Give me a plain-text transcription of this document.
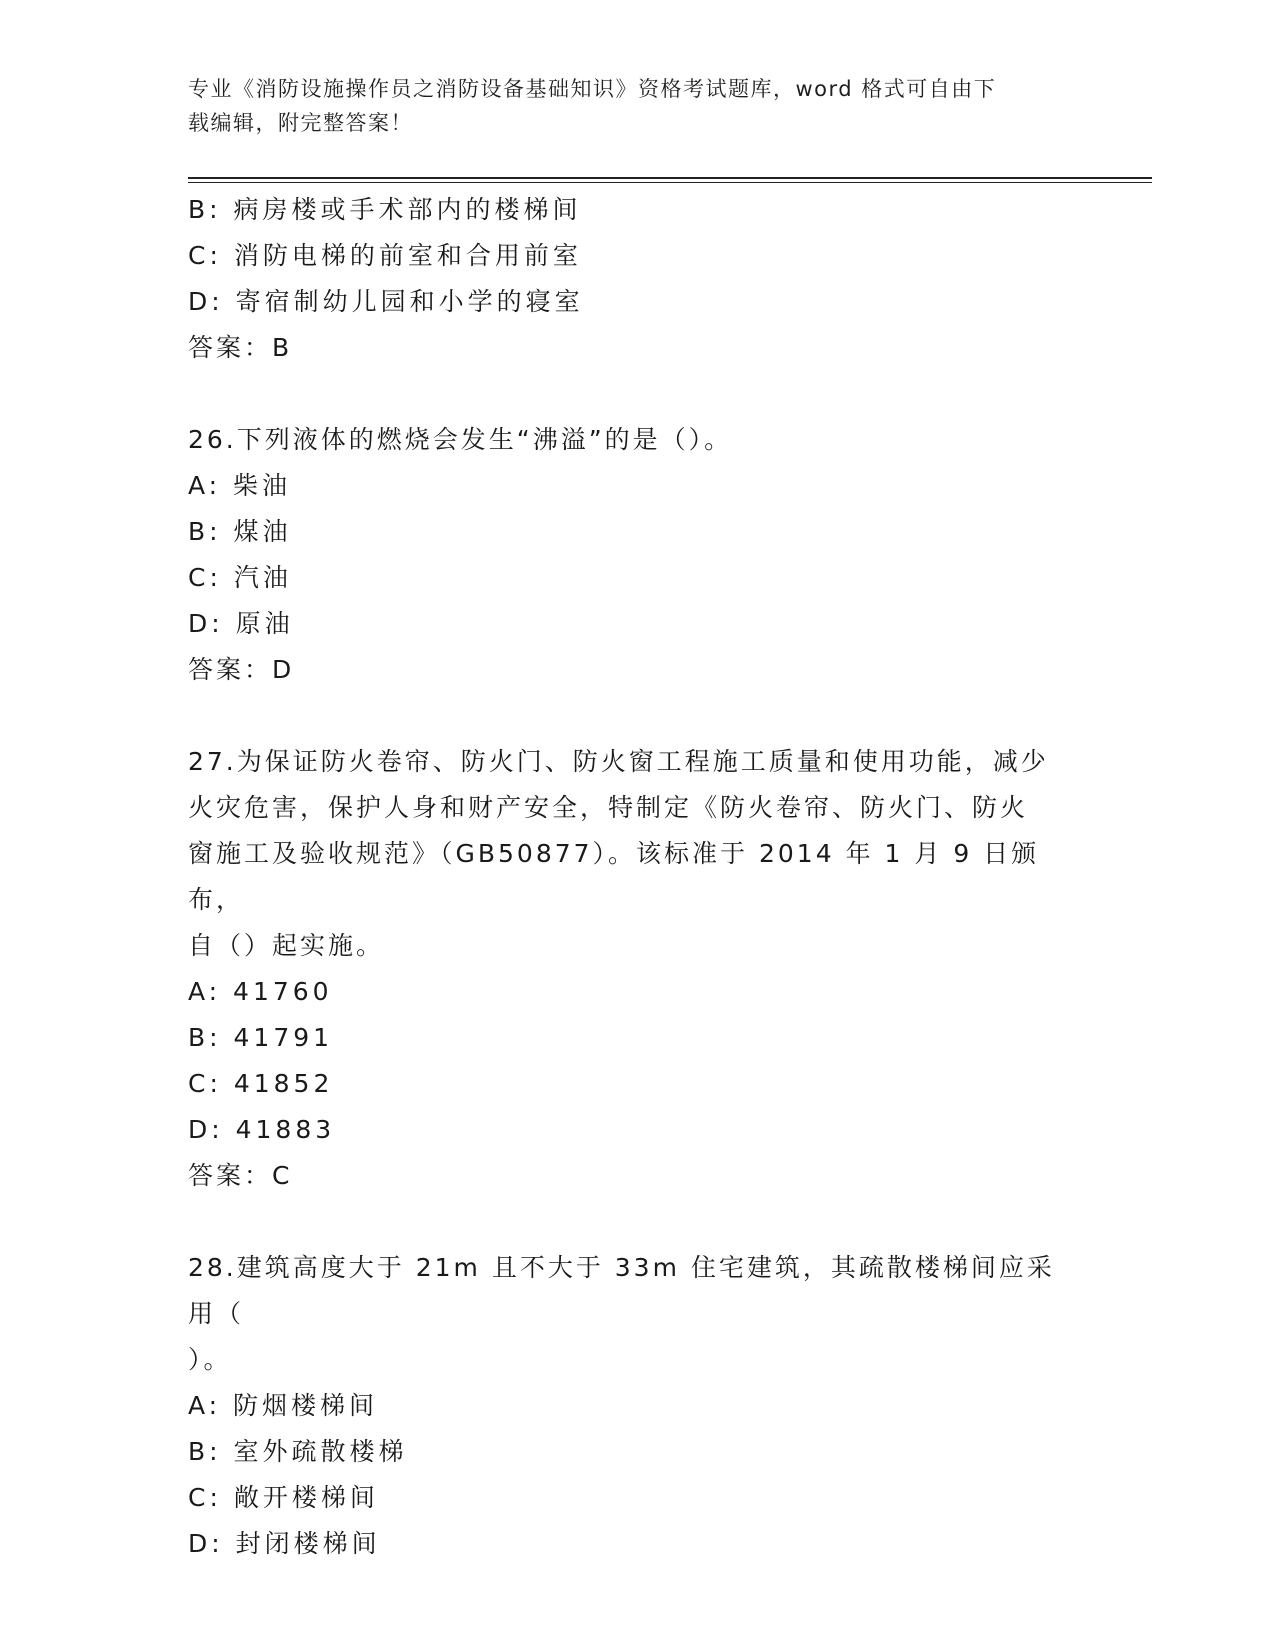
专业《消防设施操作员之消防设备基础知识》资格考试题库，word 格式可自由下
载编辑，附完整答案！
B: 病房楼或手术部内的楼梯间
C: 消防电梯的前室和合用前室
D: 寄宿制幼儿园和小学的寝室
答案：B
26.下列液体的燃烧会发生“沸溢”的是（）。
A: 柴油
B: 煤油
C: 汽油
D: 原油
答案：D
27.为保证防火卷帘、防火门、防火窗工程施工质量和使用功能，减少
火灾危害，保护人身和财产安全，特制定《防火卷帘、防火门、防火
窗施工及验收规范》（GB50877）。该标准于 2014 年 1 月 9 日颁布，
自（）起实施。
A: 41760
B: 41791
C: 41852
D: 41883
答案：C
28.建筑高度大于 21m 且不大于 33m 住宅建筑，其疏散楼梯间应采用（
）。
A: 防烟楼梯间
B: 室外疏散楼梯
C: 敞开楼梯间
D: 封闭楼梯间
